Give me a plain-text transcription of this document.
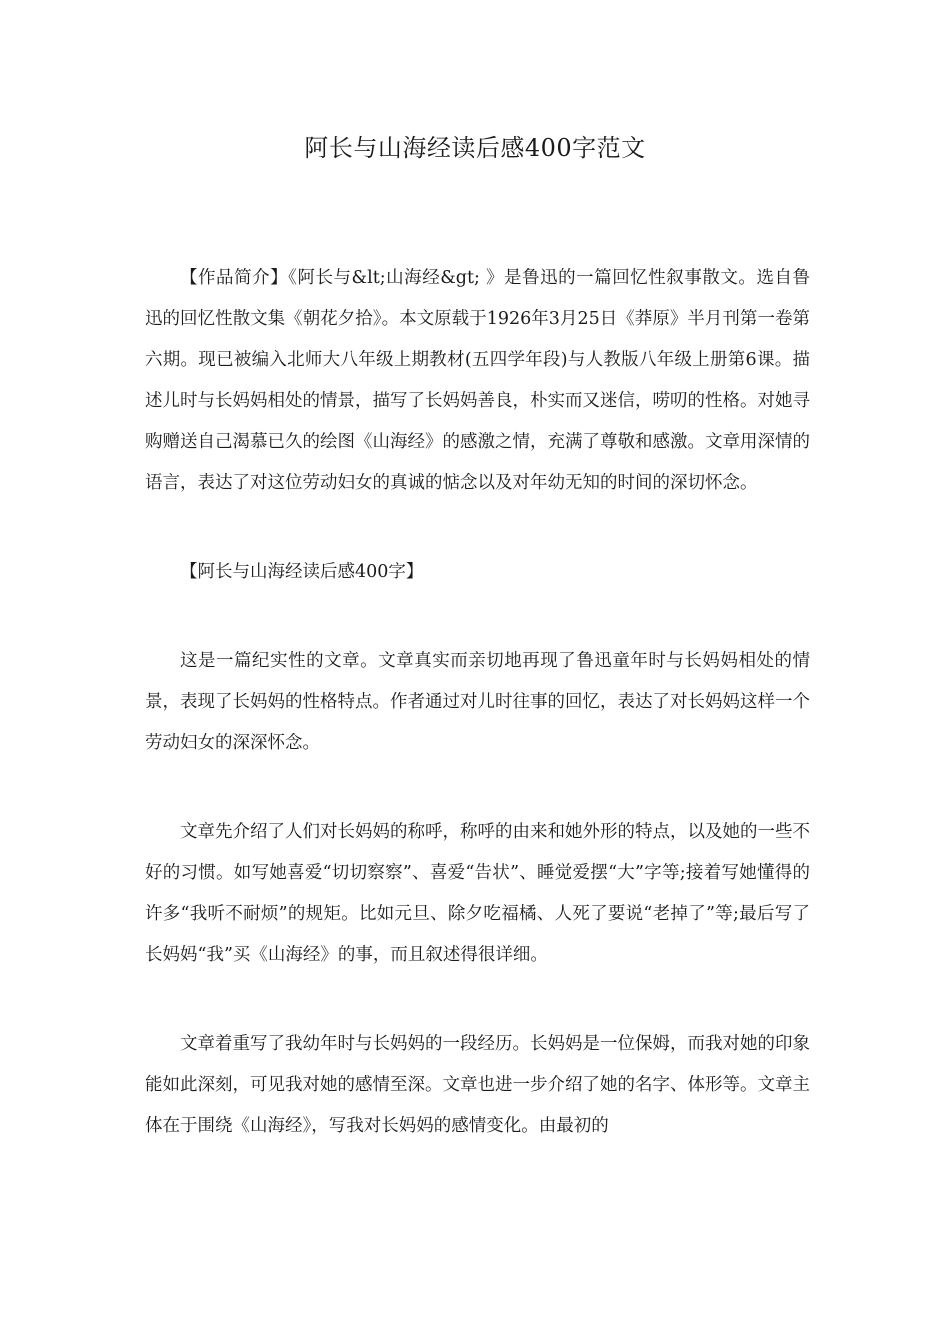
阿长与山海经读后感400字范文

【作品简介】《阿长与&lt;山海经&gt; 》是鲁迅的一篇回忆性叙事散文。选自鲁迅的回忆性散文集《朝花夕拾》。本文原载于1926年3月25日《莽原》半月刊第一卷第六期。现已被编入北师大八年级上期教材(五四学年段)与人教版八年级上册第6课。描述儿时与长妈妈相处的情景，描写了长妈妈善良，朴实而又迷信，唠叨的性格。对她寻购赠送自己渴慕已久的绘图《山海经》的感激之情，充满了尊敬和感激。文章用深情的语言，表达了对这位劳动妇女的真诚的惦念以及对年幼无知的时间的深切怀念。

【阿长与山海经读后感400字】

这是一篇纪实性的文章。文章真实而亲切地再现了鲁迅童年时与长妈妈相处的情景，表现了长妈妈的性格特点。作者通过对儿时往事的回忆，表达了对长妈妈这样一个劳动妇女的深深怀念。

文章先介绍了人们对长妈妈的称呼，称呼的由来和她外形的特点，以及她的一些不好的习惯。如写她喜爱“切切察察”、喜爱“告状”、睡觉爱摆“大”字等;接着写她懂得的许多“我听不耐烦”的规矩。比如元旦、除夕吃福橘、人死了要说“老掉了”等;最后写了长妈妈“我”买《山海经》的事，而且叙述得很详细。

文章着重写了我幼年时与长妈妈的一段经历。长妈妈是一位保姆，而我对她的印象能如此深刻，可见我对她的感情至深。文章也进一步介绍了她的名字、体形等。文章主体在于围绕《山海经》，写我对长妈妈的感情变化。由最初的
